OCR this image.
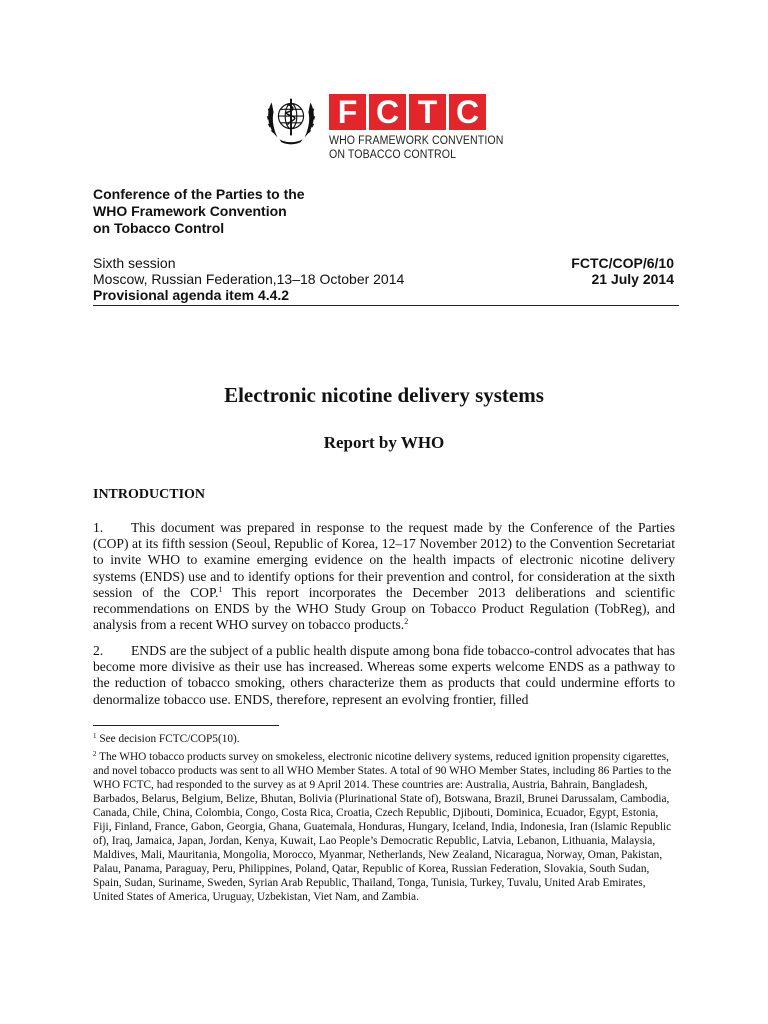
F C T C
WHO FRAMEWORK CONVENTION
ON TOBACCO CONTROL
Conference of the Parties to the
WHO Framework Convention
on Tobacco Control
Sixth session
Moscow, Russian Federation,13–18 October 2014
Provisional agenda item 4.4.2
FCTC/COP/6/10
21 July 2014
Electronic nicotine delivery systems
Report by WHO
INTRODUCTION
1. This document was prepared in response to the request made by the Conference of the Parties (COP) at its fifth session (Seoul, Republic of Korea, 12–17 November 2012) to the Convention Secretariat to invite WHO to examine emerging evidence on the health impacts of electronic nicotine delivery systems (ENDS) use and to identify options for their prevention and control, for consideration at the sixth session of the COP.$^1$ This report incorporates the December 2013 deliberations and scientific recommendations on ENDS by the WHO Study Group on Tobacco Product Regulation (TobReg), and analysis from a recent WHO survey on tobacco products.$^2$
2. ENDS are the subject of a public health dispute among bona fide tobacco-control advocates that has become more divisive as their use has increased. Whereas some experts welcome ENDS as a pathway to the reduction of tobacco smoking, others characterize them as products that could undermine efforts to denormalize tobacco use. ENDS, therefore, represent an evolving frontier, filled
$^1$ See decision FCTC/COP5(10).
$^2$ The WHO tobacco products survey on smokeless, electronic nicotine delivery systems, reduced ignition propensity cigarettes, and novel tobacco products was sent to all WHO Member States. A total of 90 WHO Member States, including 86 Parties to the WHO FCTC, had responded to the survey as at 9 April 2014. These countries are: Australia, Austria, Bahrain, Bangladesh, Barbados, Belarus, Belgium, Belize, Bhutan, Bolivia (Plurinational State of), Botswana, Brazil, Brunei Darussalam, Cambodia, Canada, Chile, China, Colombia, Congo, Costa Rica, Croatia, Czech Republic, Djibouti, Dominica, Ecuador, Egypt, Estonia, Fiji, Finland, France, Gabon, Georgia, Ghana, Guatemala, Honduras, Hungary, Iceland, India, Indonesia, Iran (Islamic Republic of), Iraq, Jamaica, Japan, Jordan, Kenya, Kuwait, Lao People’s Democratic Republic, Latvia, Lebanon, Lithuania, Malaysia, Maldives, Mali, Mauritania, Mongolia, Morocco, Myanmar, Netherlands, New Zealand, Nicaragua, Norway, Oman, Pakistan, Palau, Panama, Paraguay, Peru, Philippines, Poland, Qatar, Republic of Korea, Russian Federation, Slovakia, South Sudan, Spain, Sudan, Suriname, Sweden, Syrian Arab Republic, Thailand, Tonga, Tunisia, Turkey, Tuvalu, United Arab Emirates, United States of America, Uruguay, Uzbekistan, Viet Nam, and Zambia.
